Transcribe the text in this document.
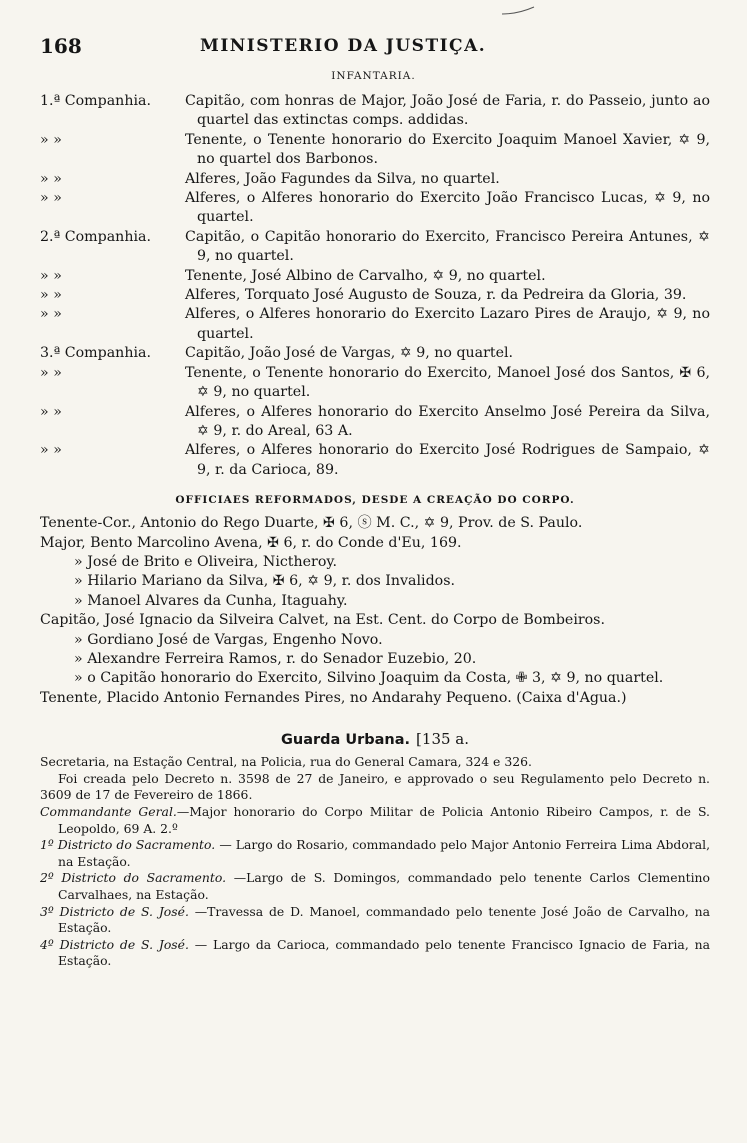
168	MINISTERIO DA JUSTIÇA.
INFANTARIA.
1.ª Companhia.	Capitão, com honras de Major, João José de Faria, r. do Passeio, junto ao quartel das extinctas comps. addidas.
» »	Tenente, o Tenente honorario do Exercito Joaquim Manoel Xavier, ✡ 9, no quartel dos Barbonos.
» »	Alferes, João Fagundes da Silva, no quartel.
» »	Alferes, o Alferes honorario do Exercito João Francisco Lucas, ✡ 9, no quartel.
2.ª Companhia.	Capitão, o Capitão honorario do Exercito, Francisco Pereira Antunes, ✡ 9, no quartel.
» »	Tenente, José Albino de Carvalho, ✡ 9, no quartel.
» »	Alferes, Torquato José Augusto de Souza, r. da Pedreira da Gloria, 39.
» »	Alferes, o Alferes honorario do Exercito Lazaro Pires de Araujo, ✡ 9, no quartel.
3.ª Companhia.	Capitão, João José de Vargas, ✡ 9, no quartel.
» »	Tenente, o Tenente honorario do Exercito, Manoel José dos Santos, ✠ 6, ✡ 9, no quartel.
» »	Alferes, o Alferes honorario do Exercito Anselmo José Pereira da Silva, ✡ 9, r. do Areal, 63 A.
» »	Alferes, o Alferes honorario do Exercito José Rodrigues de Sampaio, ✡ 9, r. da Carioca, 89.
OFFICIAES REFORMADOS, DESDE A CREAÇÃO DO CORPO.
Tenente-Cor., Antonio do Rego Duarte, ✠ 6, ⓢ M. C., ✡ 9, Prov. de S. Paulo.
Major, Bento Marcolino Avena, ✠ 6, r. do Conde d'Eu, 169.
» José de Brito e Oliveira, Nictheroy.
» Hilario Mariano da Silva, ✠ 6, ✡ 9, r. dos Invalidos.
» Manoel Alvares da Cunha, Itaguahy.
Capitão, José Ignacio da Silveira Calvet, na Est. Cent. do Corpo de Bombeiros.
» Gordiano José de Vargas, Engenho Novo.
» Alexandre Ferreira Ramos, r. do Senador Euzebio, 20.
» o Capitão honorario do Exercito, Silvino Joaquim da Costa, ✙ 3, ✡ 9, no quartel.
Tenente, Placido Antonio Fernandes Pires, no Andarahy Pequeno. (Caixa d'Agua.)
Guarda Urbana. [135 a.
Secretaria, na Estação Central, na Policia, rua do General Camara, 324 e 326.
Foi creada pelo Decreto n. 3598 de 27 de Janeiro, e approvado o seu Regulamento pelo Decreto n. 3609 de 17 de Fevereiro de 1866.
Commandante Geral.—Major honorario do Corpo Militar de Policia Antonio Ribeiro Campos, r. de S. Leopoldo, 69 A. 2.º
1º Districto do Sacramento. — Largo do Rosario, commandado pelo Major Antonio Ferreira Lima Abdoral, na Estação.
2º Districto do Sacramento. —Largo de S. Domingos, commandado pelo tenente Carlos Clementino Carvalhaes, na Estação.
3º Districto de S. José. —Travessa de D. Manoel, commandado pelo tenente José João de Carvalho, na Estação.
4º Districto de S. José. — Largo da Carioca, commandado pelo tenente Francisco Ignacio de Faria, na Estação.
